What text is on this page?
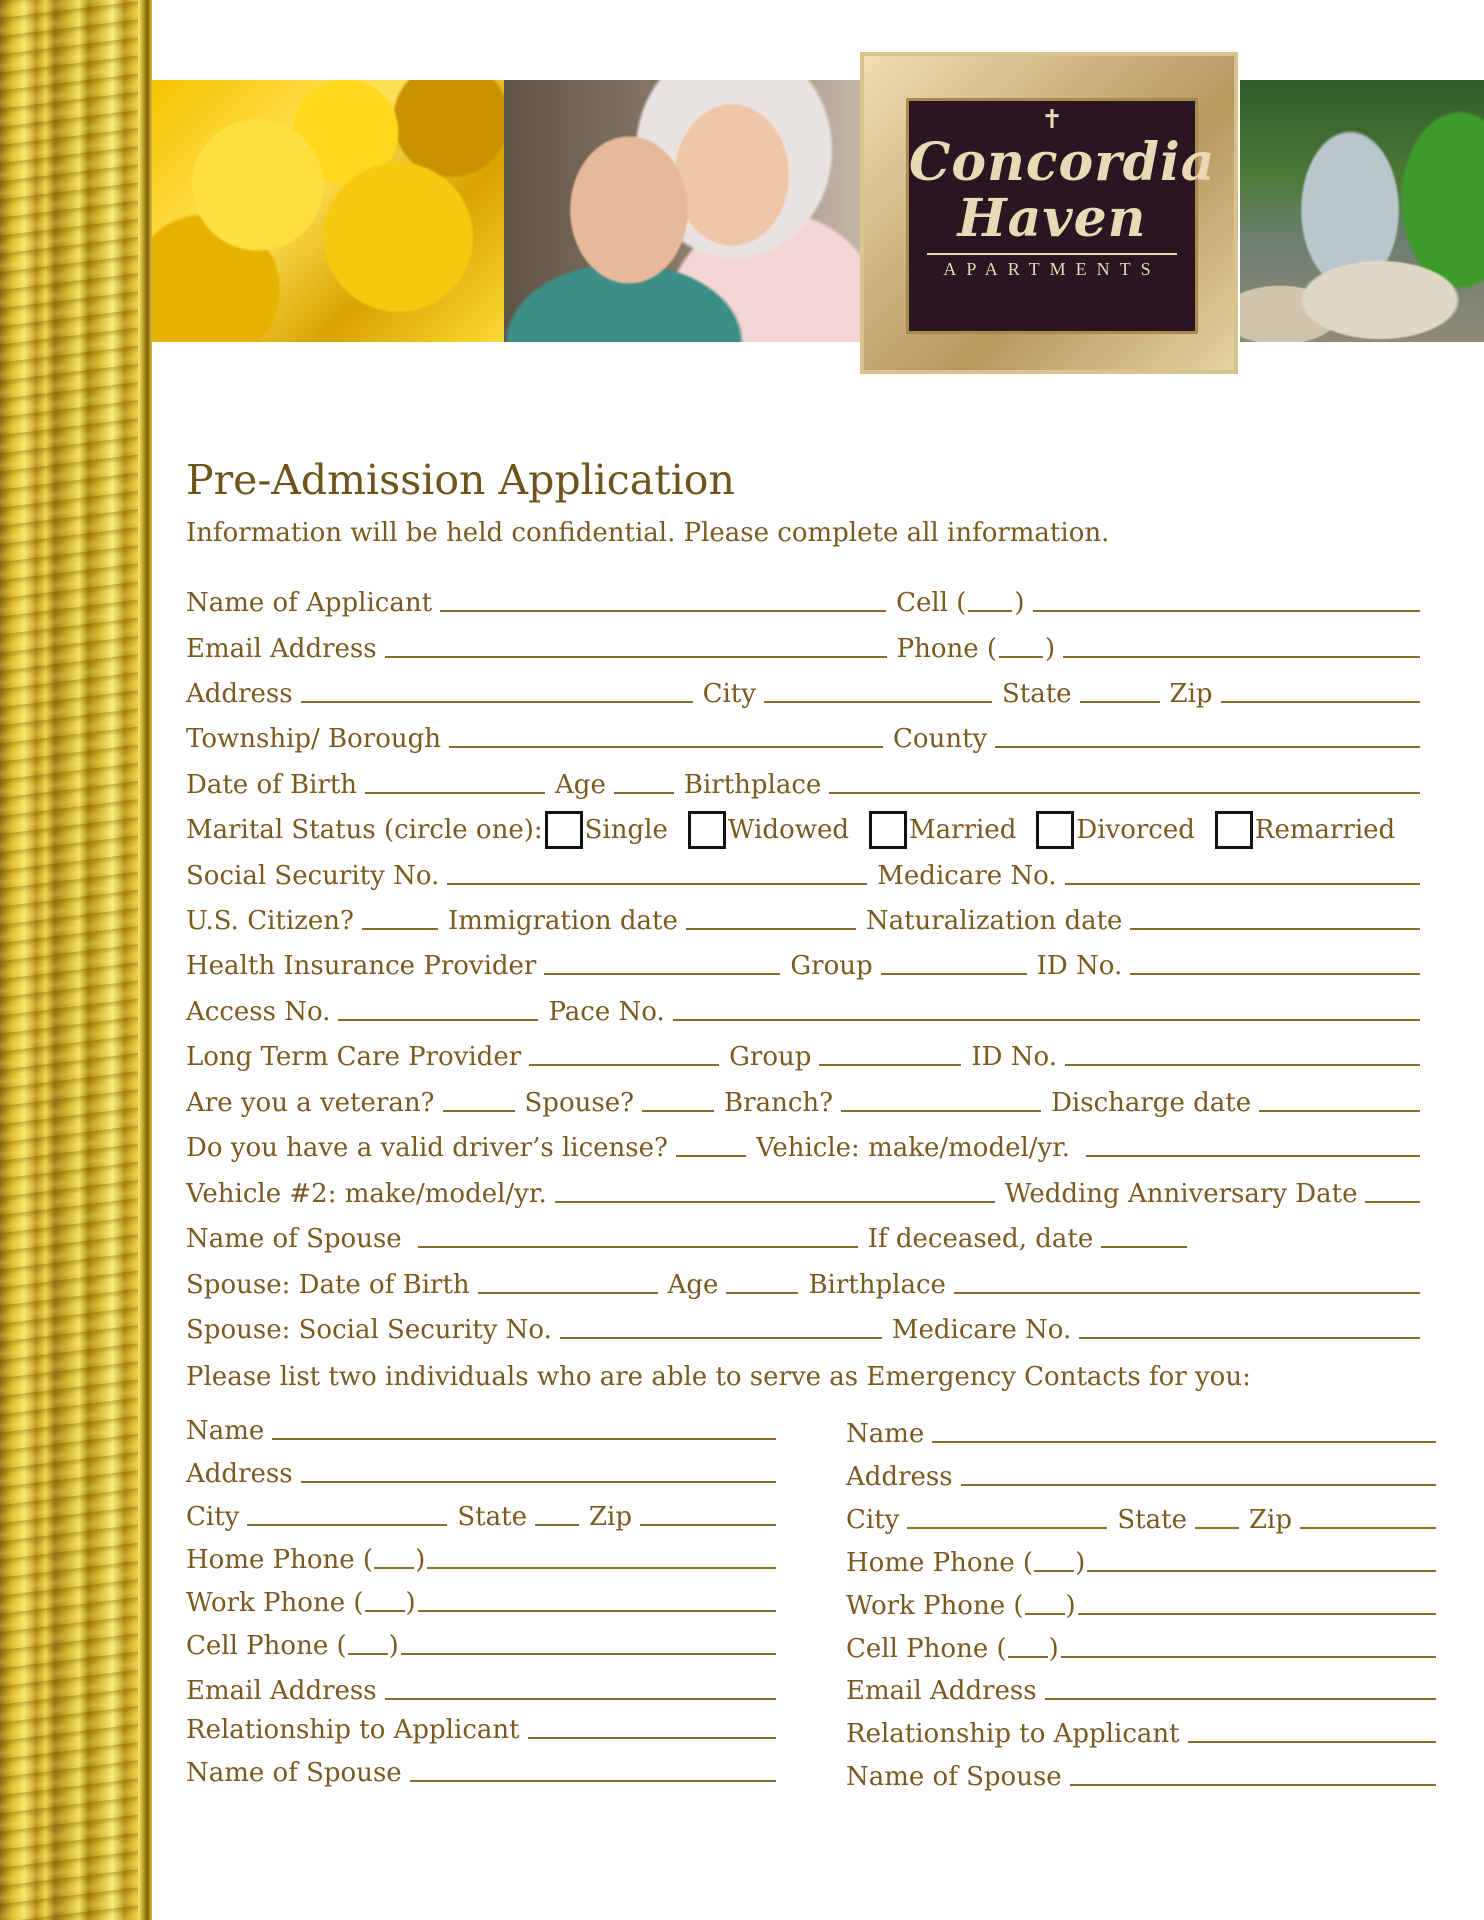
✝
Concordia
Haven
APARTMENTS
Pre-Admission Application
Information will be held confidential. Please complete all information.
Name of Applicant	Cell ( )
Email Address	Phone ( )
Address	City	State	Zip
Township/ Borough	County
Date of Birth	Age	Birthplace
Marital Status (circle one): Single Widowed Married Divorced Remarried
Social Security No.	Medicare No.
U.S. Citizen?	Immigration date	Naturalization date
Health Insurance Provider	Group	ID No.
Access No.	Pace No.
Long Term Care Provider	Group	ID No.
Are you a veteran?	Spouse?	Branch?	Discharge date
Do you have a valid driver’s license?	Vehicle: make/model/yr.
Vehicle #2: make/model/yr.	Wedding Anniversary Date
Name of Spouse	If deceased, date
Spouse: Date of Birth	Age	Birthplace
Spouse: Social Security No.	Medicare No.
Please list two individuals who are able to serve as Emergency Contacts for you:
Name
Address
City	State Zip
Home Phone ( )
Work Phone ( )
Cell Phone ( )
Email Address
Relationship to Applicant
Name of Spouse
Name
Address
City	State Zip
Home Phone ( )
Work Phone ( )
Cell Phone ( )
Email Address
Relationship to Applicant
Name of Spouse
